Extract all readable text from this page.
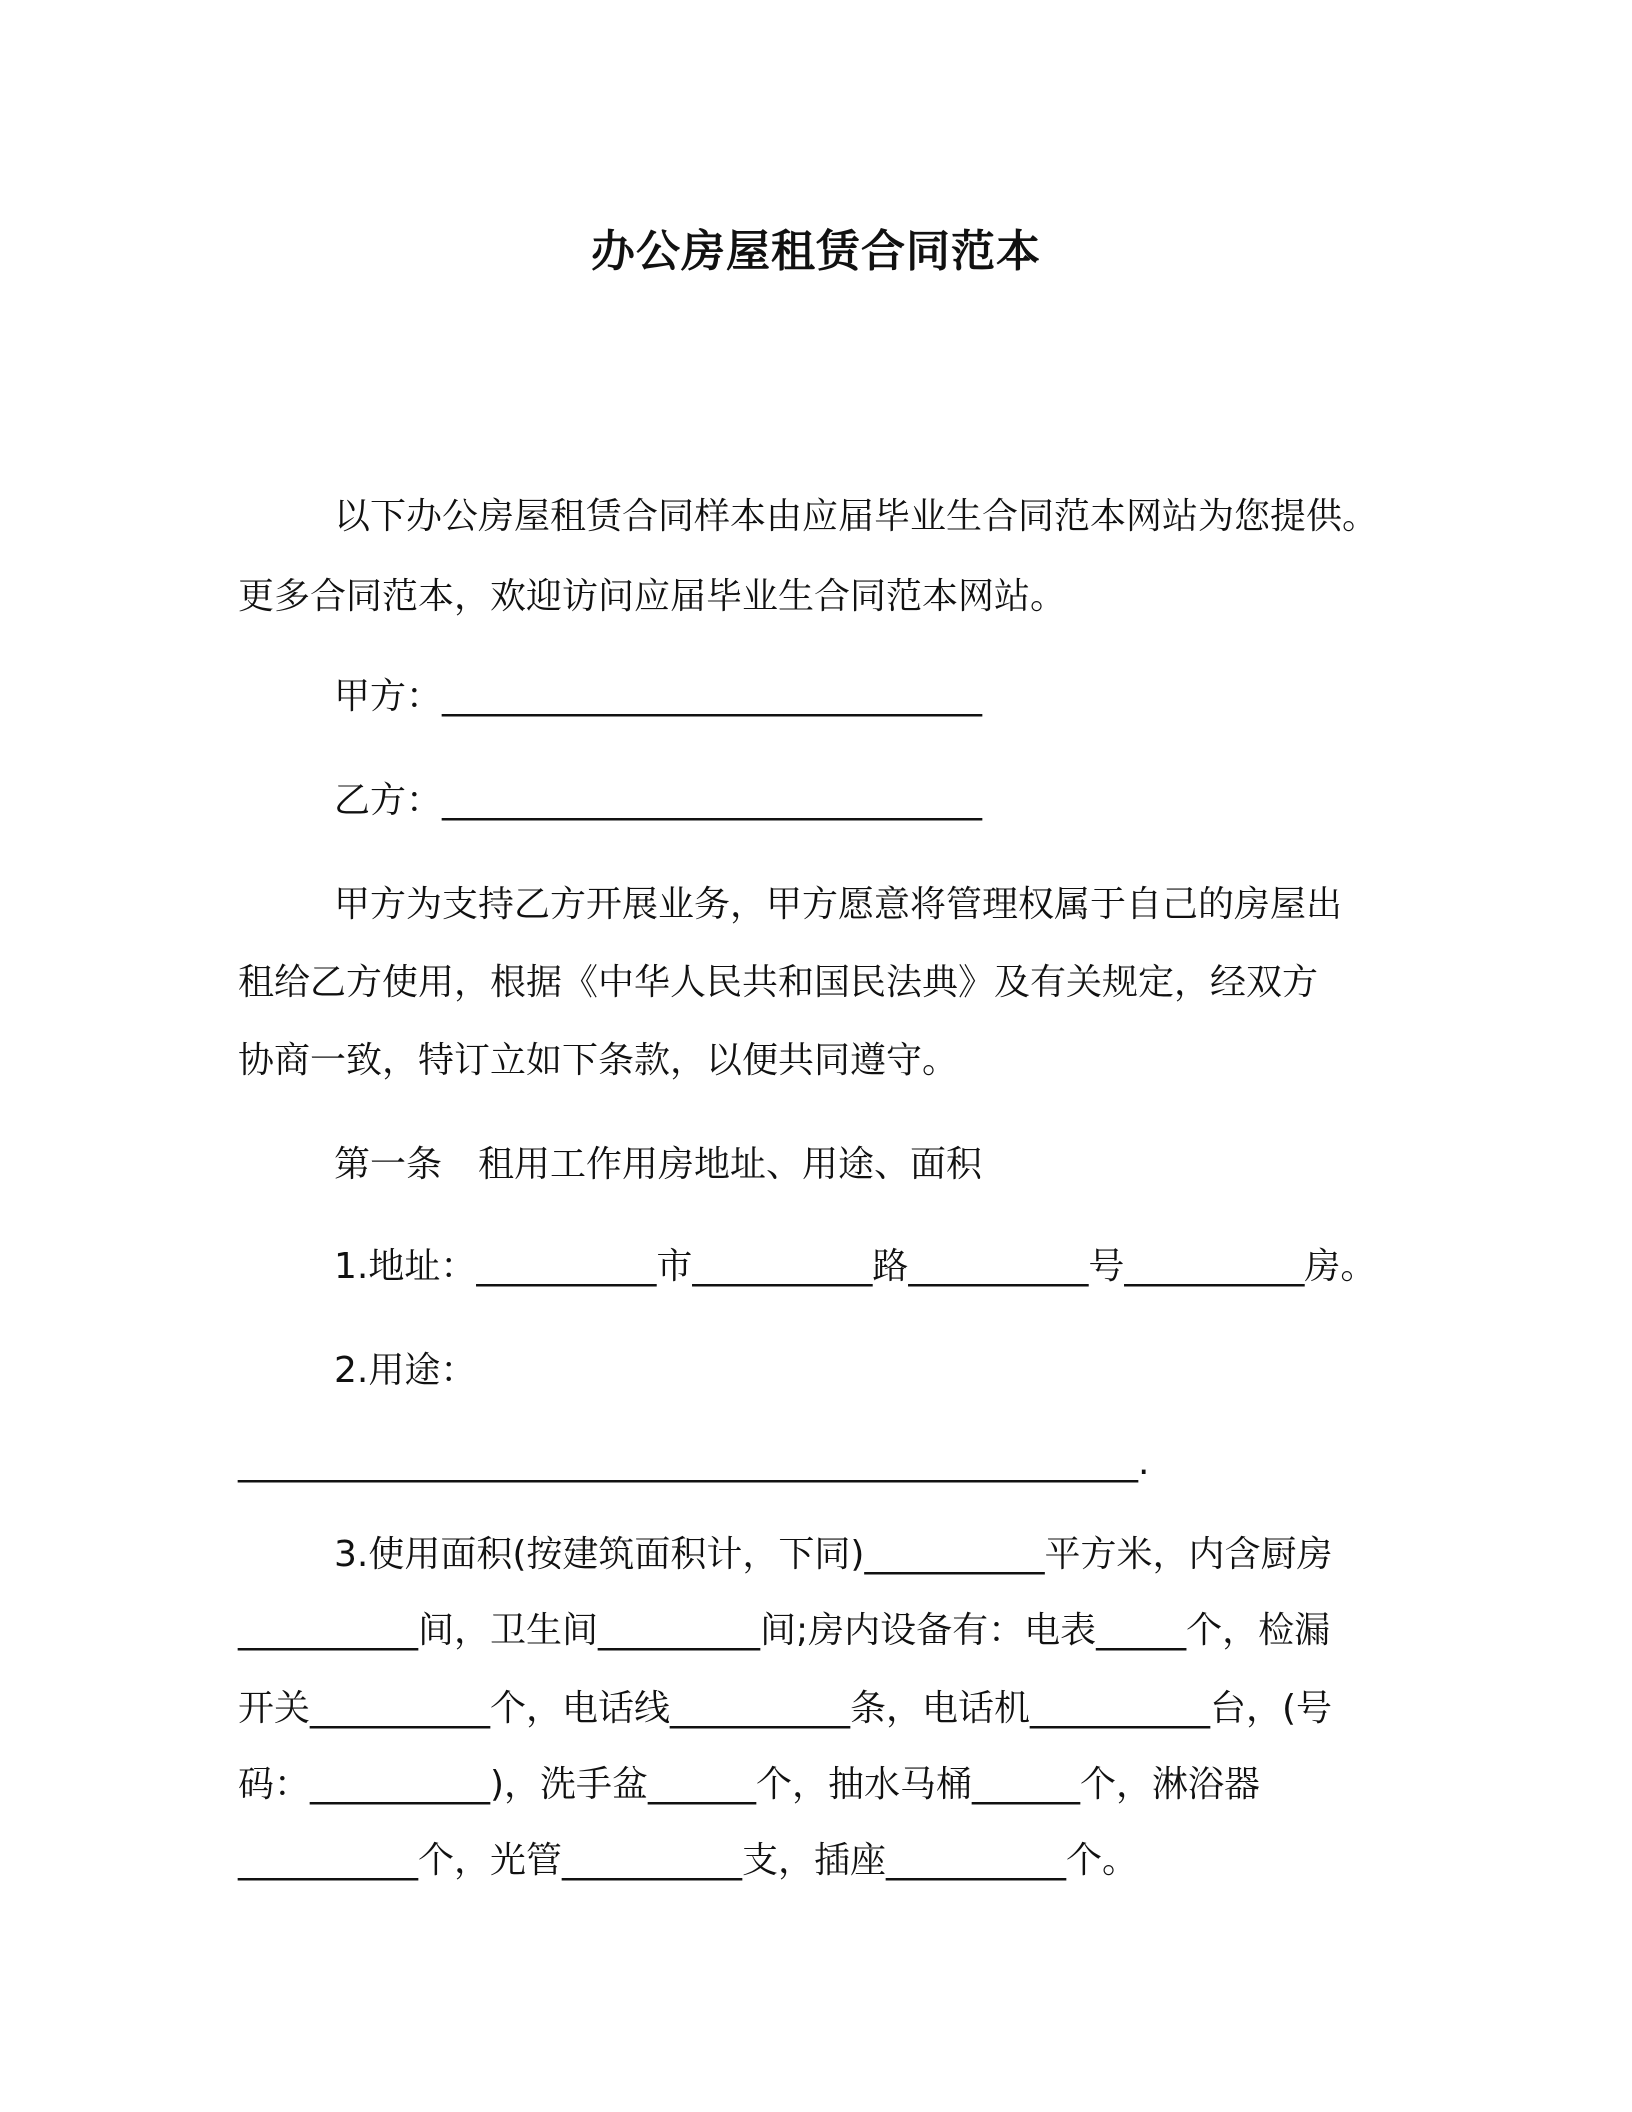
办公房屋租赁合同范本
以下办公房屋租赁合同样本由应届毕业生合同范本网站为您提供。
更多合同范本，欢迎访问应届毕业生合同范本网站。
甲方：______________________________
乙方：______________________________
甲方为支持乙方开展业务，甲方愿意将管理权属于自己的房屋出
租给乙方使用，根据《中华人民共和国民法典》及有关规定，经双方
协商一致，特订立如下条款，以便共同遵守。
第一条　租用工作用房地址、用途、面积
1.地址：__________市__________路__________号__________房。
2.用途：
__________________________________________________.
3.使用面积(按建筑面积计，下同)__________平方米，内含厨房
__________间，卫生间_________间;房内设备有：电表_____个，检漏
开关__________个，电话线__________条，电话机__________台，(号
码：__________)，洗手盆______个，抽水马桶______个，淋浴器
__________个，光管__________支，插座__________个。
